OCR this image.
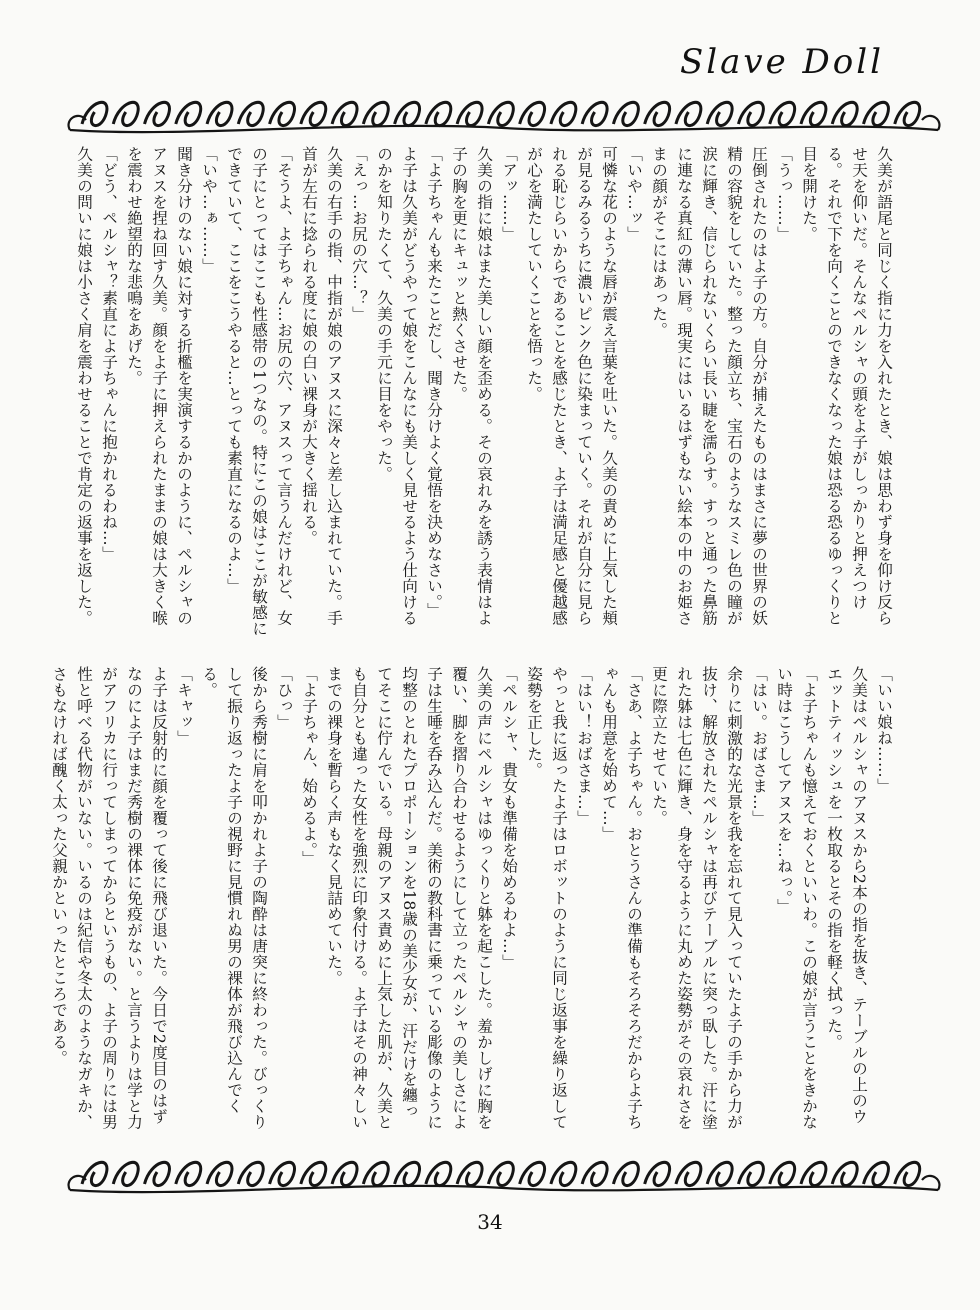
Slave Doll

久美が語尾と同じく指に力を入れたとき、娘は思わず身を仰け反らせ天を仰いだ。そんなペルシャの頭をよ子がしっかりと押えつける。それで下を向くことのできなくなった娘は恐る恐るゆっくりと目を開けた。

「うっ……」

圧倒されたのはよ子の方。自分が捕えたものはまさに夢の世界の妖精の容貌をしていた。整った顔立ち、宝石のようなスミレ色の瞳が涙に輝き、信じられないくらい長い睫を濡らす。すっと通った鼻筋に連なる真紅の薄い唇。現実にはいるはずもない絵本の中のお姫さまの顔がそこにはあった。

「いや…ッ」

可憐な花のような唇が震え言葉を吐いた。久美の責めに上気した頬が見るみるうちに濃いピンク色に染まっていく。それが自分に見られる恥じらいからであることを感じたとき、よ子は満足感と優越感が心を満たしていくことを悟った。

「アッ……」

久美の指に娘はまた美しい顔を歪める。その哀れみを誘う表情はよ子の胸を更にキュッと熱くさせた。

「よ子ちゃんも来たことだし、聞き分けよく覚悟を決めなさい。」

よ子は久美がどうやって娘をこんなにも美しく見せるよう仕向けるのかを知りたくて、久美の手元に目をやった。

「えっ…お尻の穴…？」

久美の右手の指、中指が娘のアヌスに深々と差し込まれていた。手首が左右に捻られる度に娘の白い裸身が大きく揺れる。

「そうよ、よ子ちゃん…お尻の穴、アヌスって言うんだけれど、女の子にとってはここも性感帯の1つなの。特にこの娘はここが敏感にできていて、ここをこうやると…とっても素直になるのよ…」

「いや…ぁ……」

聞き分けのない娘に対する折檻を実演するかのように、ペルシャのアヌスを捏ね回す久美。顔をよ子に押えられたままの娘は大きく喉を震わせ絶望的な悲鳴をあげた。

「どう、ペルシャ？素直によ子ちゃんに抱かれるわね…」

久美の問いに娘は小さく肩を震わせることで肯定の返事を返した。

「いい娘ね……」

久美はペルシャのアヌスから2本の指を抜き、テーブルの上のウエットティッシュを一枚取るとその指を軽く拭った。

「よ子ちゃんも憶えておくといいわ。この娘が言うことをきかない時はこうしてアヌスを…ねっ。」

「はい。おばさま…」

余りに刺激的な光景を我を忘れて見入っていたよ子の手から力が抜け、解放されたペルシャは再びテーブルに突っ臥した。汗に塗れた躰は七色に輝き、身を守るように丸めた姿勢がその哀れさを更に際立たせていた。

「さあ、よ子ちゃん。おとうさんの準備もそろそろだからよ子ちゃんも用意を始めて…」

「はい！おばさま…」

やっと我に返ったよ子はロボットのように同じ返事を繰り返して姿勢を正した。

「ペルシャ、貴女も準備を始めるわよ…」

久美の声にペルシャはゆっくりと躰を起こした。羞かしげに胸を覆い、脚を摺り合わせるようにして立ったペルシャの美しさによ子は生唾を呑み込んだ。美術の教科書に乗っている彫像のように均整のとれたプロポーションを18歳の美少女が、汗だけを纏ってそこに佇んでいる。母親のアヌス責めに上気した肌が、久美とも自分とも違った女性を強烈に印象付ける。よ子はその神々しいまでの裸身を暫らく声もなく見詰めていた。

「よ子ちゃん、始めるよ。」

「ひっ」

後から秀樹に肩を叩かれよ子の陶酔は唐突に終わった。びっくりして振り返ったよ子の視野に見慣れぬ男の裸体が飛び込んでくる。

「キャッ」

よ子は反射的に顔を覆って後に飛び退いた。今日で2度目のはずなのによ子はまだ秀樹の裸体に免疫がない。と言うよりは学と力がアフリカに行ってしまってからというもの、よ子の周りには男性と呼べる代物がいない。いるのは紀信や冬太のようなガキか、さもなければ醜く太った父親かといったところである。

34
